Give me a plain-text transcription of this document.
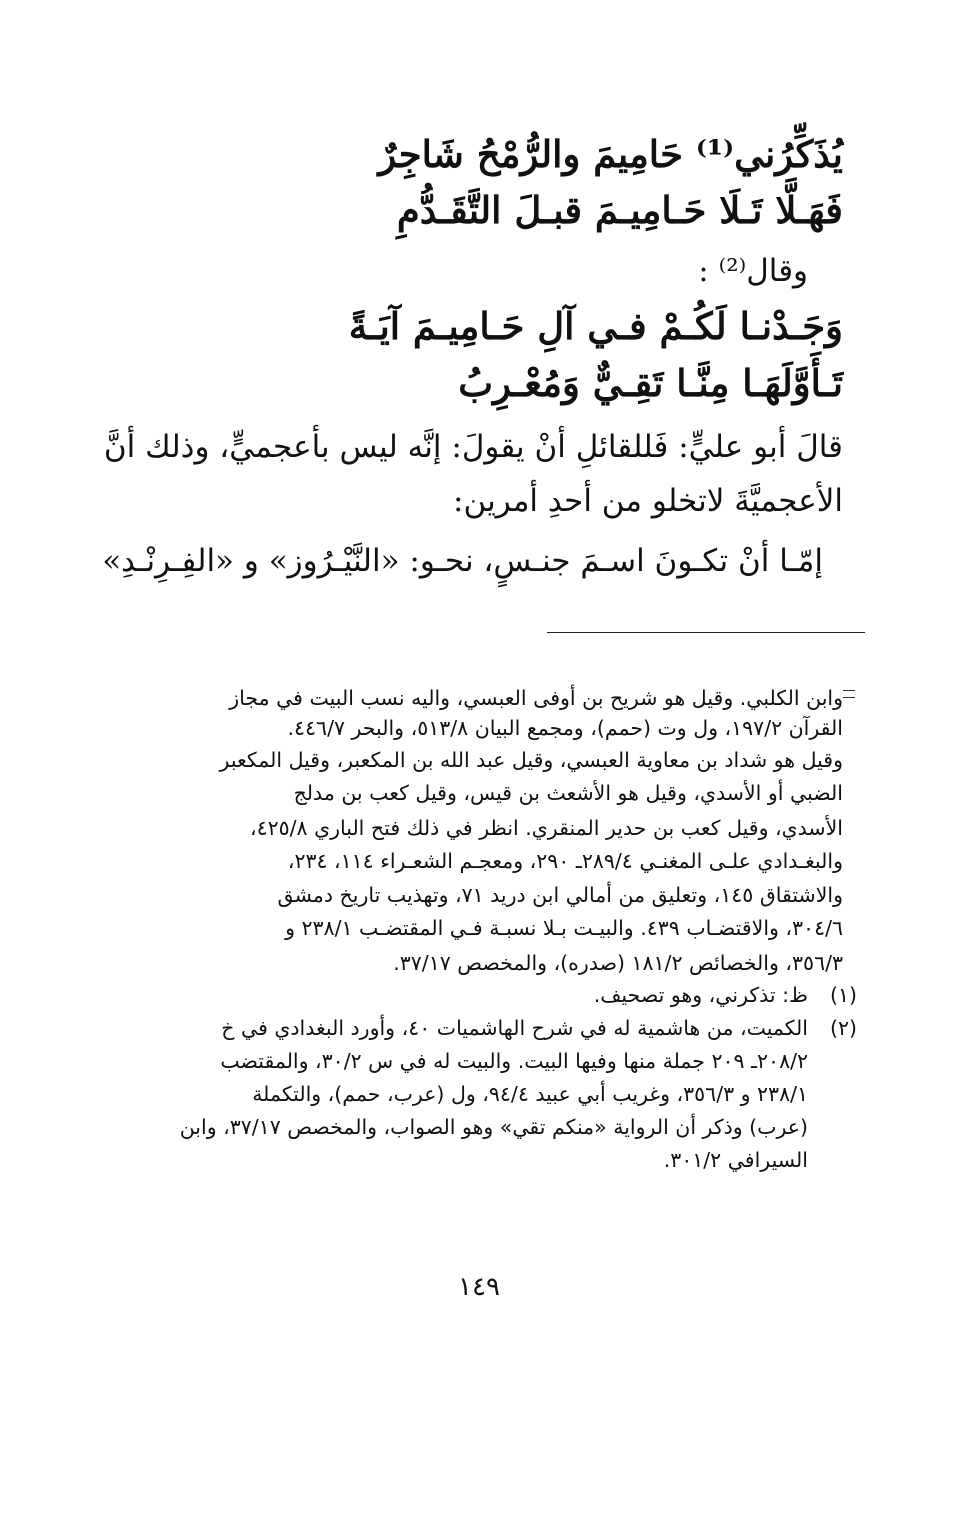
يُذَكِّرُني⁽¹⁾ حَامِيمَ والرُّمْحُ شَاجِرٌ
فَهَـلَّا تَـلَا حَـامِيـمَ قبـلَ التَّقَـدُّمِ
وقال⁽²⁾ :
وَجَـدْنـا لَكُـمْ فـي آلِ حَـامِيـمَ آيَـةً
تَـأَوَّلَهَـا مِنَّـا تَقِـيٌّ وَمُعْـرِبُ
قالَ أبو عليٍّ: فَللقائلِ أنْ يقولَ: إنَّه ليس بأعجميٍّ، وذلك أنَّ
الأعجميَّةَ لاتخلو من أحدِ أمرين:
إمّـا أنْ تكـونَ اسـمَ جنـسٍ، نحـو: «النَّيْـرُوز» و «الفِـرِنْـدِ»
وابن الكلبي. وقيل هو شريح بن أوفى العبسي، واليه نسب البيت في مجاز
القرآن ١٩٧/٢، ول وت (حمم)، ومجمع البيان ٥١٣/٨، والبحر ٤٤٦/٧.
وقيل هو شداد بن معاوية العبسي، وقيل عبد الله بن المكعبر، وقيل المكعبر
الضبي أو الأسدي، وقيل هو الأشعث بن قيس، وقيل كعب بن مدلج
الأسدي، وقيل كعب بن حدير المنقري. انظر في ذلك فتح الباري ٤٢٥/٨،
والبغـدادي علـى المغنـي ٢٨٩/٤ـ ٢٩٠، ومعجـم الشعـراء ١١٤، ٢٣٤،
والاشتقاق ١٤٥، وتعليق من أمالي ابن دريد ٧١، وتهذيب تاريخ دمشق
٣٠٤/٦، والاقتضـاب ٤٣٩. والبيـت بـلا نسبـة فـي المقتضـب ٢٣٨/١ و
٣٥٦/٣، والخصائص ١٨١/٢ (صدره)، والمخصص ٣٧/١٧.
(١)
ظ: تذكرني، وهو تصحيف.
(٢)
الكميت، من هاشمية له في شرح الهاشميات ٤٠، وأورد البغدادي في خ
٢٠٨/٢ـ ٢٠٩ جملة منها وفيها البيت. والبيت له في س ٣٠/٢، والمقتضب
٢٣٨/١ و ٣٥٦/٣، وغريب أبي عبيد ٩٤/٤، ول (عرب، حمم)، والتكملة
(عرب) وذكر أن الرواية «منكم تقي» وهو الصواب، والمخصص ٣٧/١٧، وابن
السيرافي ٣٠١/٢.
١٤٩
